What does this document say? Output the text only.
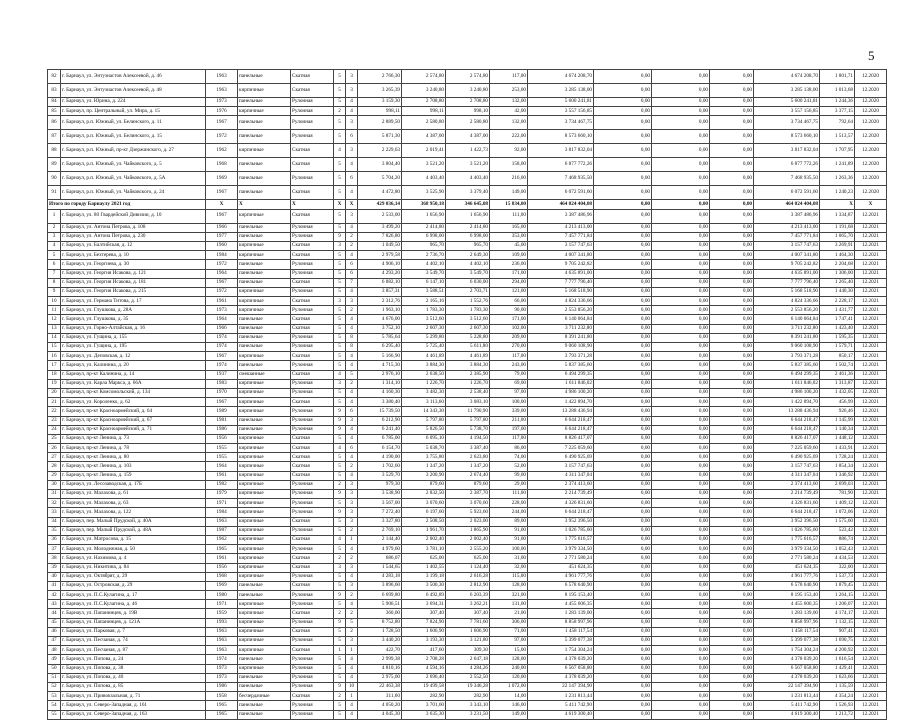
5
82	г. Барнаул, ул. Энтузиастов Алексеевой, д. 46	1963	панельные	Скатная	5	3	2 766,30	2 574,80	2 574,80	117,00	4 674 208,70	0,00	0,00	0,00	4 674 208,70	1 801,71	12.2020
83	г. Барнаул, ул. Энтузиастов Алексеевой, д. 48	1963	кирпичные	Скатная	5	3	3 265,39	3 240,80	3 240,80	253,00	3 285 138,00	0,00	0,00	0,00	3 285 138,00	1 013,68	12.2020
84	г. Барнаул, ул. Юрина, д. 224	1973	панельные	Рулонная	5	4	3 159,30	2 708,80	2 708,80	132,00	5 600 241,81	0,00	0,00	0,00	5 600 241,81	1 244,36	12.2020
85	г. Барнаул, пр. Центральный, ул. Мира, д. 15	1976	кирпичные	Рулонная	2	4	998,11	998,11	998,10	42,00	3 557 156,85	0,00	0,00	0,00	3 557 156,85	3 377,15	12.2020
86	г. Барнаул, р.п. Южный, ул. Белинского, д. 11	1967	панельные	Рулонная	5	3	2 889,50	2 580,80	2 580,80	132,00	3 734 467,75	0,00	0,00	0,00	3 734 467,75	792,64	12.2020
87	г. Барнаул, р.п. Южный, ул. Белинского, д. 15	1972	панельные	Рулонная	5	6	5 871,30	4 387,00	4 387,00	222,00	8 573 660,10	0,00	0,00	0,00	8 573 660,10	1 513,57	12.2020
88	г. Барнаул, р.п. Южный, пр-кт Дзержинского, д. 27	1962	кирпичные	Скатная	4	3	2 229,63	2 019,41	1 422,73	92,00	3 817 832,04	0,00	0,00	0,00	3 817 832,04	1 707,95	12.2020
89	г. Барнаул, р.п. Южный, ул. Чайковского, д. 5	1968	панельные	Скатная	5	4	3 804,40	3 521,20	3 521,20	158,00	6 877 772,26	0,00	0,00	0,00	6 877 772,26	1 241,89	12.2020
90	г. Барнаул, р.п. Южный, ул. Чайковского, д. 5А	1969	панельные	Рулонная	5	6	5 704,20	4 403,40	4 403,40	216,00	7 468 935,50	0,00	0,00	0,00	7 468 935,50	1 263,36	12.2020
91	г. Барнаул, р.п. Южный, ул. Чайковского, д. 24	1967	панельные	Скатная	5	4	4 472,80	3 525,90	3 379,40	149,00	6 072 591,60	0,00	0,00	0,00	6 072 591,60	1 240,23	12.2020
Итого по городу Барнаулу 2021 год		X	X	X	X	X	429 036,14	368 950,18	346 645,08	15 834,00	464 024 404,08	0,00	0,00	0,00	464 024 404,08	X	X
1	г. Барнаул, ул. 80 Гвардейской Дивизии, д. 10	1967	кирпичные	Скатная	5	3	2 533,00	1 656,90	1 656,90	111,00	3 387 486,96	0,00	0,00	0,00	3 387 486,96	1 334,87	12.2021
2	г. Барнаул, ул. Антона Петрова, д. 108	1966	панельные	Рулонная	5	4	3 499,20	2 414,80	2 414,80	165,00	4 213 413,00	0,00	0,00	0,00	4 213 413,00	1 191,68	12.2021
3	г. Барнаул, ул. Антона Петрова, д. 230	1977	панельные	Рулонная	9	2	7 826,80	6 998,00	6 998,00	353,00	7 457 771,84	0,00	0,00	0,00	7 457 771,84	1 065,70	12.2021
4	г. Барнаул, ул. Балтийская, д. 12	1960	кирпичные	Скатная	3	2	1 049,50	965,70	965,70	45,00	3 157 747,63	0,00	0,00	0,00	3 157 747,63	3 269,91	12.2021
5	г. Барнаул, ул. Бехтерева, д. 10	1984	кирпичные	Скатная	5	4	2 979,58	2 736,70	2 649,30	109,00	4 007 341,80	0,00	0,00	0,00	4 007 341,80	1 464,30	12.2021
6	г. Барнаул, ул. Георгиева, д. 30	1972	панельные	Рулонная	5	6	4 906,10	4 402,10	4 402,10	236,00	9 705 242,82	0,00	0,00	0,00	9 705 242,82	2 204,68	12.2021
7	г. Барнаул, ул. Георгия Исакова, д. 121	1964	панельные	Рулонная	5	6	4 293,20	3 549,70	3 549,70	171,00	4 635 891,00	0,00	0,00	0,00	4 635 891,00	1 306,00	12.2021
8	г. Барнаул, ул. Георгия Исакова, д. 181	1967	панельные	Скатная	5	7	6 882,10	6 147,10	6 030,00	294,00	7 777 796,40	0,00	0,00	0,00	7 777 796,40	1 265,40	12.2021
9	г. Барнаул, ул. Георгия Исакова, д. 215	1972	кирпичные	Рулонная	5	4	3 857,31	3 588,51	2 703,71	121,00	5 168 518,90	0,00	0,00	0,00	5 168 518,90	1 440,30	12.2021
10	г. Барнаул, ул. Германа Титова, д. 17	1961	кирпичные	Скатная	3	3	2 312,76	2 165,16	1 552,76	66,00	4 824 336,66	0,00	0,00	0,00	4 824 336,66	2 228,17	12.2021
11	г. Барнаул, ул. Глушкова, д. 28А	1973	кирпичные	Рулонная	5	2	1 963,10	1 783,30	1 783,30	90,00	2 553 856,20	0,00	0,00	0,00	2 553 856,20	1 431,77	12.2021
12	г. Барнаул, ул. Глушкова, д. 35	1964	панельные	Скатная	5	4	4 676,00	3 512,60	3 512,60	171,00	6 140 064,84	0,00	0,00	0,00	6 140 064,84	1 747,41	12.2021
13	г. Барнаул, ул. Горно-Алтайская, д. 16	1966	панельные	Скатная	5	4	3 752,10	2 607,30	2 607,30	102,00	3 711 232,80	0,00	0,00	0,00	3 711 232,80	1 423,40	12.2021
14	г. Барнаул, ул. Гущина, д. 155	1974	панельные	Рулонная	5	8	5 785,64	5 299,80	5 228,80	209,00	8 391 241,80	0,00	0,00	0,00	8 391 241,80	1 595,35	12.2021
15	г. Барнаул, ул. Гущина, д. 195	1974	панельные	Рулонная	5	8	6 295,40	5 725,40	5 611,80	270,00	9 060 108,90	0,00	0,00	0,00	9 060 108,90	1 579,71	12.2021
16	г. Барнаул, ул. Деповская, д. 12	1967	кирпичные	Скатная	5	4	5 166,90	4 461,89	4 461,89	117,00	3 793 371,28	0,00	0,00	0,00	3 793 371,28	850,17	12.2021
17	г. Барнаул, ул. Калинина, д. 20	1974	панельные	Рулонная	5	4	4 715,30	3 884,30	3 884,30	243,00	5 837 385,60	0,00	0,00	0,00	5 837 385,60	1 502,74	12.2021
18	г. Барнаул, пр-кт Калинина, д. 14	1937	смешанные	Скатная	4	5	2 976,10	2 638,50	2 385,90	79,00	6 494 299,35	0,00	0,00	0,00	6 494 299,35	2 461,36	12.2021
19	г. Барнаул, ул. Карла Маркса, д. 66А	1983	кирпичные	Рулонная	3	2	1 314,10	1 226,70	1 226,70	69,00	1 611 846,02	0,00	0,00	0,00	1 611 846,02	1 313,87	12.2021
20	г. Барнаул, пр-кт Комсомольский, д. 134	1970	кирпичные	Рулонная	5	4	4 160,30	3 482,30	2 538,40	97,00	4 986 100,20	0,00	0,00	0,00	4 986 100,20	1 432,05	12.2021
21	г. Барнаул, ул. Короленко, д. 62	1967	кирпичные	Скатная	5	4	3 380,40	3 113,60	3 083,10	100,00	1 422 894,70	0,00	0,00	0,00	1 422 894,70	456,99	12.2021
22	г. Барнаул, пр-кт Красноармейский, д. 64	1989	кирпичные	Рулонная	9	6	15 739,50	14 343,30	11 790,90	339,00	13 288 436,94	0,00	0,00	0,00	13 288 436,94	926,46	12.2021
23	г. Барнаул, пр-кт Красноармейский, д. 67	1981	панельные	Рулонная	9	3	6 212,90	5 797,80	5 797,80	211,00	6 644 218,47	0,00	0,00	0,00	6 644 218,47	1 145,99	12.2021
24	г. Барнаул, пр-кт Красноармейский, д. 71	1986	панельные	Рулонная	9	4	6 241,40	5 826,50	5 738,70	197,00	6 644 218,47	0,00	0,00	0,00	6 644 218,47	1 140,34	12.2021
25	г. Барнаул, пр-кт Ленина, д. 73	1956	кирпичные	Скатная	5	4	6 785,00	6 095,10	4 194,50	117,00	8 826 417,07	0,00	0,00	0,00	8 826 417,07	1 448,12	12.2021
26	г. Барнаул, пр-кт Ленина, д. 78	1955	кирпичные	Скатная	4	6	6 154,70	5 038,70	3 387,40	86,00	7 225 059,60	0,00	0,00	0,00	7 225 059,60	1 433,91	12.2021
27	г. Барнаул, пр-кт Ленина, д. 80	1955	кирпичные	Скатная	5	4	4 190,00	3 755,80	2 623,80	74,00	6 490 925,69	0,00	0,00	0,00	6 490 925,69	1 728,24	12.2021
28	г. Барнаул, пр-кт Ленина, д. 103	1964	кирпичные	Скатная	5	2	1 702,60	1 347,20	1 347,20	52,00	3 157 747,63	0,00	0,00	0,00	3 157 747,63	1 854,34	12.2021
29	г. Барнаул, пр-кт Ленина, д. 159	1961	кирпичные	Скатная	5	4	3 529,70	3 200,90	2 674,40	99,00	4 311 347,04	0,00	0,00	0,00	4 311 347,04	1 346,92	12.2021
30	г. Барнаул, ул. Лесозаводская, д. 17Б	1982	кирпичные	Рулонная	2	3	979,30	879,60	879,60	29,00	2 374 413,60	0,00	0,00	0,00	2 374 413,60	2 699,03	12.2021
31	г. Барнаул, ул. Малахова, д. 61	1979	кирпичные	Рулонная	9	3	3 538,90	2 832,50	2 387,70	111,00	2 214 739,49	0,00	0,00	0,00	2 214 739,49	781,90	12.2021
32	г. Барнаул, ул. Малахова, д. 63	1971	кирпичные	Рулонная	5	3	3 567,00	3 070,60	3 070,60	228,00	4 326 831,60	0,00	0,00	0,00	4 326 831,60	1 409,12	12.2021
33	г. Барнаул, ул. Малахова, д. 122	1984	кирпичные	Рулонная	9	3	7 272,40	6 197,60	5 923,60	244,00	6 644 218,47	0,00	0,00	0,00	6 644 218,47	1 072,06	12.2021
34	г. Барнаул, пер. Малый Прудской, д. 40А	1963	кирпичные	Скатная	5	3	3 327,80	2 508,50	2 023,00	89,00	3 952 396,50	0,00	0,00	0,00	3 952 396,50	1 575,60	12.2021
35	г. Барнаул, пер. Малый Прудской, д. 48А	1987	кирпичные	Рулонная	5	2	2 769,10	1 961,70	1 865,90	91,00	1 026 785,60	0,00	0,00	0,00	1 026 785,60	523,42	12.2021
36	г. Барнаул, ул. Матросова, д. 15	1962	кирпичные	Скатная	4	1	2 144,40	2 002,40	2 002,40	91,00	1 775 616,57	0,00	0,00	0,00	1 775 616,57	886,74	12.2021
37	г. Барнаул, ул. Молодежная, д. 50	1965	кирпичные	Рулонная	5	4	4 979,60	3 781,10	2 555,20	100,00	3 979 334,50	0,00	0,00	0,00	3 979 334,50	1 052,43	12.2021
38	г. Барнаул, ул. Нахимова, д. 4	1961	кирпичные	Скатная	2	2	686,07	625,00	625,00	31,00	2 771 580,24	0,00	0,00	0,00	2 771 580,24	4 434,53	12.2021
39	г. Барнаул, ул. Никитина, д. 84	1956	кирпичные	Скатная	3	3	1 544,65	1 402,55	1 124,40	32,00	451 624,35	0,00	0,00	0,00	451 624,35	322,00	12.2021
40	г. Барнаул, ул. Октябрят, д. 29	1968	кирпичные	Рулонная	5	4	4 283,18	3 199,18	2 616,28	115,00	4 961 777,76	0,00	0,00	0,00	4 961 777,76	1 537,73	12.2021
41	г. Барнаул, ул. Островская, д. 29	1969	панельные	Скатная	5	3	3 896,60	3 500,30	2 812,90	128,00	6 578 640,90	0,00	0,00	0,00	6 578 640,90	1 879,45	12.2021
42	г. Барнаул, ул. П.С.Кулагина, д. 17	1980	панельные	Рулонная	9	2	6 699,80	6 492,89	6 203,39	321,00	8 195 153,40	0,00	0,00	0,00	8 195 153,40	1 264,15	12.2021
43	г. Барнаул, ул. П.С.Кулагина, д. 46	1971	кирпичные	Рулонная	5	4	5 906,51	3 694,31	3 262,21	131,00	4 455 606,35	0,00	0,00	0,00	4 455 606,35	1 206,07	12.2021
44	г. Барнаул, ул. Папанинцев, д. 19В	1959	кирпичные	Скатная	2	2	360,00	307,40	307,40	21,00	1 283 139,00	0,00	0,00	0,00	1 283 139,00	4 174,17	12.2021
45	г. Барнаул, ул. Папанинцев, д. 121А	1993	кирпичные	Рулонная	9	5	8 752,80	7 824,90	7 781,60	306,00	8 858 997,96	0,00	0,00	0,00	8 858 997,96	1 132,15	12.2021
46	г. Барнаул, ул. Парковая, д. 7	1963	кирпичные	Скатная	5	2	1 728,50	1 606,90	1 606,90	71,00	1 458 117,54	0,00	0,00	0,00	1 458 117,54	907,41	12.2021
47	г. Барнаул, ул. Песчаная, д. 74	1963	кирпичные	Рулонная	5	3	3 440,20	3 193,30	3 121,80	97,00	5 399 077,38	0,00	0,00	0,00	5 399 077,38	1 690,75	12.2021
48	г. Барнаул, ул. Песчаная, д. 87	1963	кирпичные	Скатная	1	1	422,70	417,60	309,30	15,00	1 754 304,24	0,00	0,00	0,00	1 754 304,24	4 200,92	12.2021
49	г. Барнаул, ул. Попова, д. 24	1974	панельные	Рулонная	5	4	2 999,38	2 708,28	2 647,18	128,00	4 378 039,20	0,00	0,00	0,00	4 378 039,20	1 616,54	12.2021
50	г. Барнаул, ул. Попова, д. 38	1973	кирпичные	Рулонная	5	4	4 810,16	4 594,16	4 284,26	240,00	6 567 058,80	0,00	0,00	0,00	6 567 058,80	1 429,41	12.2021
51	г. Барнаул, ул. Попова, д. 40	1973	панельные	Рулонная	5	4	2 975,00	2 696,40	2 552,50	120,00	4 378 039,20	0,00	0,00	0,00	4 378 039,20	1 623,66	12.2021
52	г. Барнаул, ул. Попова, д. 85	1986	панельные	Рулонная	9	10	22 463,38	19 499,58	19 346,28	1 072,00	22 147 394,90	0,00	0,00	0,00	22 147 394,90	1 135,59	12.2021
53	г. Барнаул, ул. Привокзальная, д. 71	1958	бесчердачные	Скатная	2	1	311,60	282,90	282,90	14,00	1 231 813,44	0,00	0,00	0,00	1 231 813,44	4 354,24	12.2021
54	г. Барнаул, ул. Северо-Западная, д. 161	1965	панельные	Рулонная	5	4	4 050,20	3 701,60	3 343,10	146,00	5 411 742,90	0,00	0,00	0,00	5 411 742,90	1 526,93	12.2021
55	г. Барнаул, ул. Северо-Западная, д. 163	1965	панельные	Рулонная	5	4	4 045,30	3 635,30	3 231,50	149,00	4 619 300,40	0,00	0,00	0,00	4 619 300,40	1 213,72	12.2021
